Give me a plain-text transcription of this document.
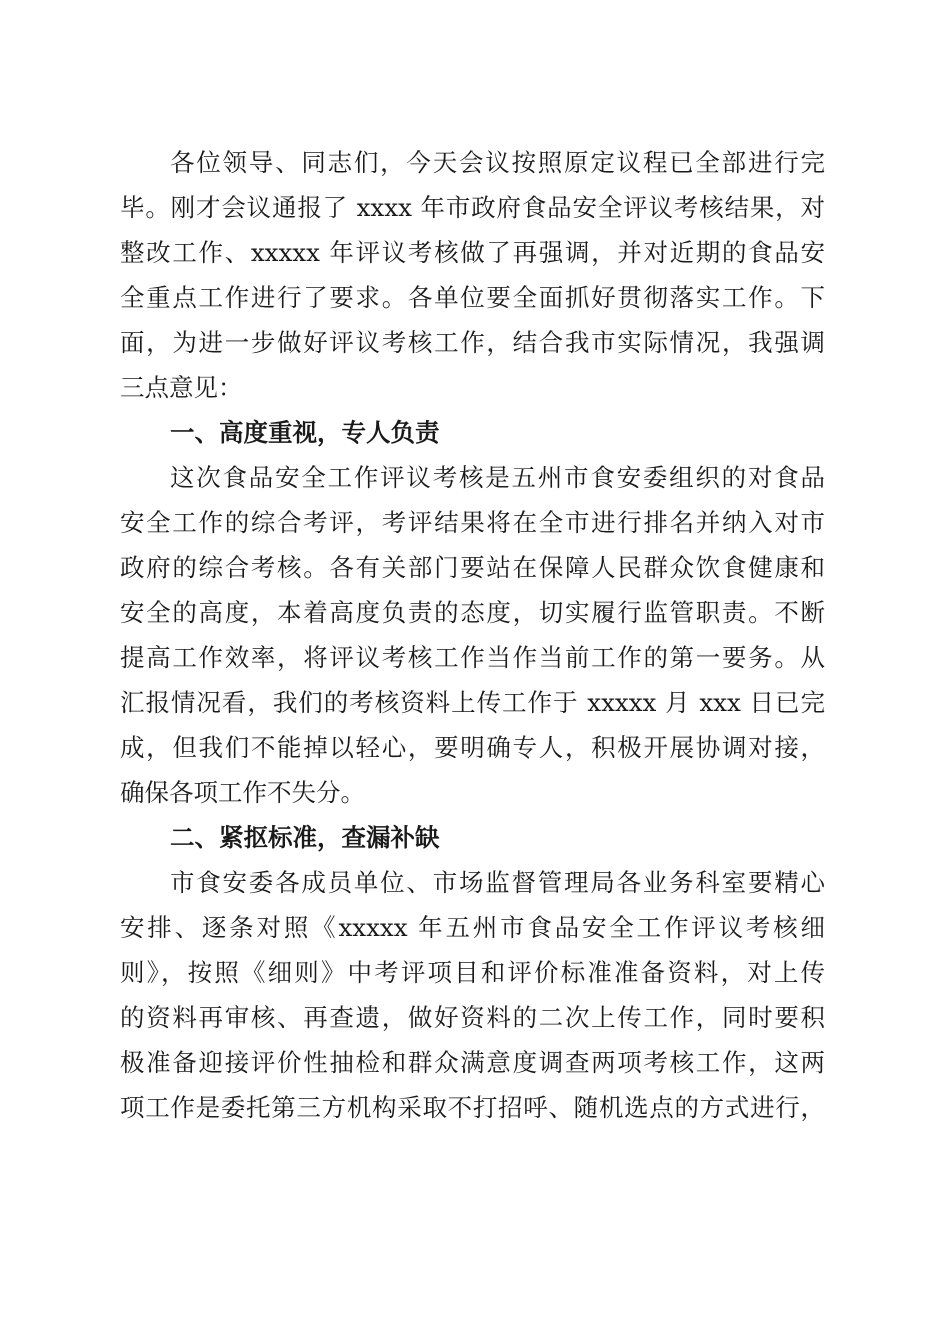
各位领导、同志们，今天会议按照原定议程已全部进行完
毕。刚才会议通报了 xxxx 年市政府食品安全评议考核结果，对
整改工作、xxxxx 年评议考核做了再强调，并对近期的食品安
全重点工作进行了要求。各单位要全面抓好贯彻落实工作。下
面，为进一步做好评议考核工作，结合我市实际情况，我强调
三点意见：
一、高度重视，专人负责
这次食品安全工作评议考核是五州市食安委组织的对食品
安全工作的综合考评，考评结果将在全市进行排名并纳入对市
政府的综合考核。各有关部门要站在保障人民群众饮食健康和
安全的高度，本着高度负责的态度，切实履行监管职责。不断
提高工作效率，将评议考核工作当作当前工作的第一要务。从
汇报情况看，我们的考核资料上传工作于 xxxxx 月 xxx 日已完
成，但我们不能掉以轻心，要明确专人，积极开展协调对接，
确保各项工作不失分。
二、紧抠标准，查漏补缺
市食安委各成员单位、市场监督管理局各业务科室要精心
安排、逐条对照《xxxxx 年五州市食品安全工作评议考核细
则》，按照《细则》中考评项目和评价标准准备资料，对上传
的资料再审核、再查遗，做好资料的二次上传工作，同时要积
极准备迎接评价性抽检和群众满意度调查两项考核工作，这两
项工作是委托第三方机构采取不打招呼、随机选点的方式进行，
